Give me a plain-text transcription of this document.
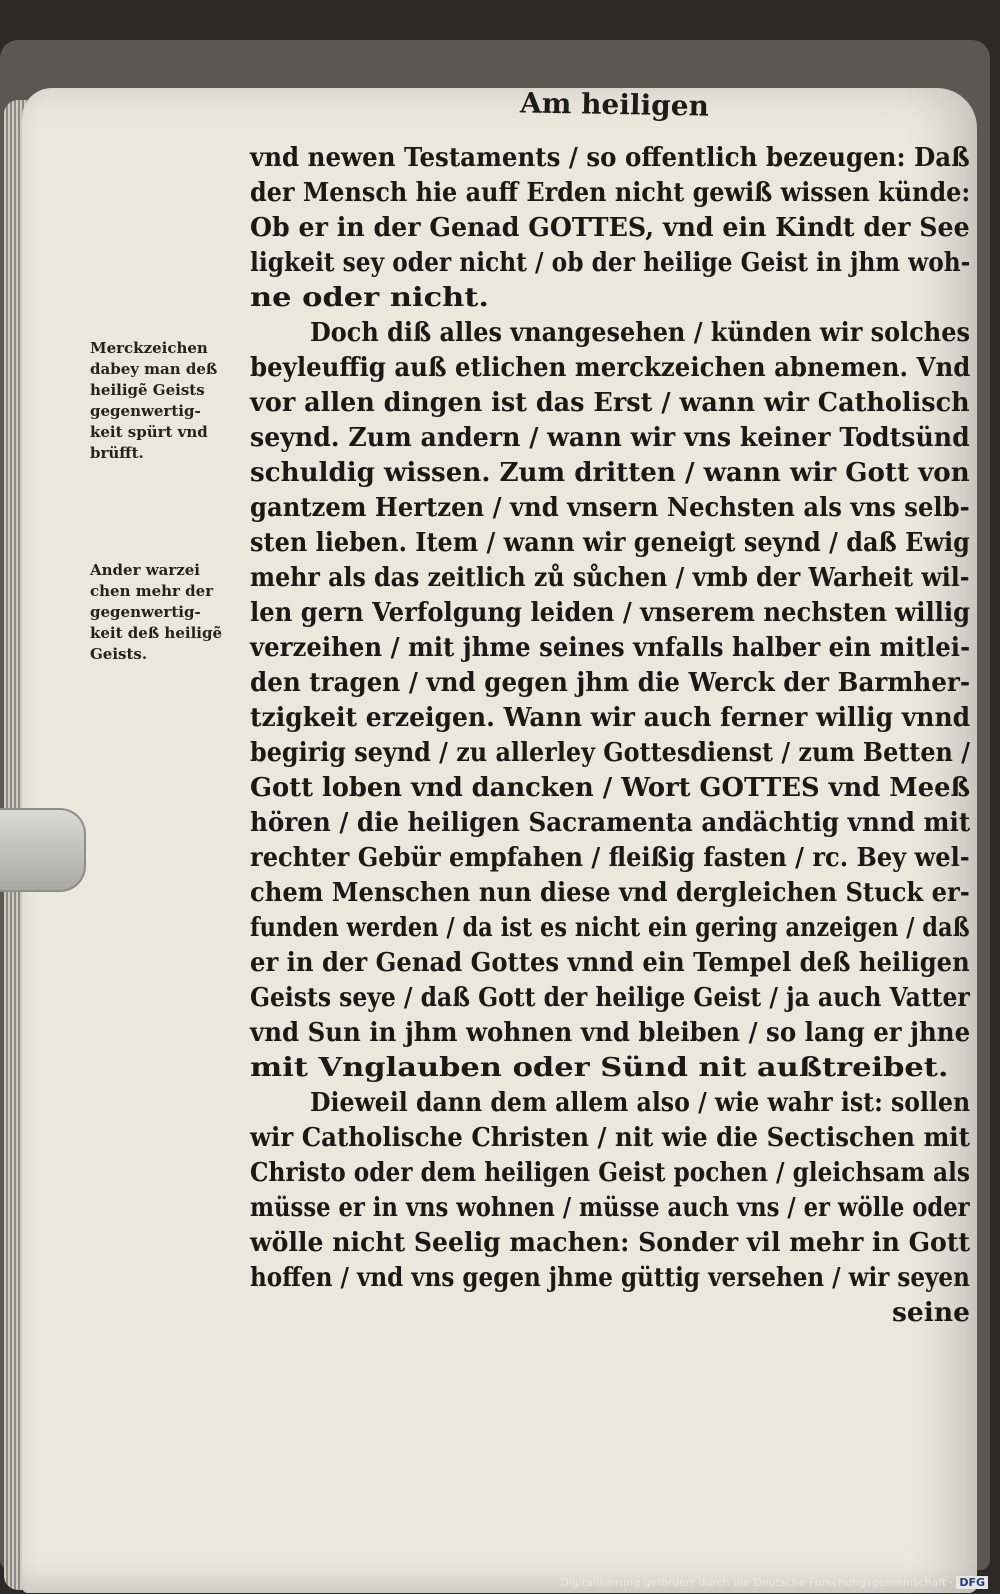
Am heiligen
Merckzeichen
dabey man deß
heiligẽ Geists
gegenwertig-
keit spürt vnd
brüfft.
Ander warzei
chen mehr der
gegenwertig-
keit deß heiligẽ
Geists.
vnd newen Testaments / so offentlich bezeugen: Daß
der Mensch hie auff Erden nicht gewiß wissen künde:
Ob er in der Genad GOTTES, vnd ein Kindt der See
ligkeit sey oder nicht / ob der heilige Geist in jhm woh-
ne oder nicht.
Doch diß alles vnangesehen / künden wir solches
beyleuffig auß etlichen merckzeichen abnemen. Vnd
vor allen dingen ist das Erst / wann wir Catholisch
seynd. Zum andern / wann wir vns keiner Todtsünd
schuldig wissen. Zum dritten / wann wir Gott von
gantzem Hertzen / vnd vnsern Nechsten als vns selb-
sten lieben. Item / wann wir geneigt seynd / daß Ewig
mehr als das zeitlich zů sůchen / vmb der Warheit wil-
len gern Verfolgung leiden / vnserem nechsten willig
verzeihen / mit jhme seines vnfalls halber ein mitlei-
den tragen / vnd gegen jhm die Werck der Barmher-
tzigkeit erzeigen. Wann wir auch ferner willig vnnd
begirig seynd / zu allerley Gottesdienst / zum Betten /
Gott loben vnd dancken / Wort GOTTES vnd Meeß
hören / die heiligen Sacramenta andächtig vnnd mit
rechter Gebür empfahen / fleißig fasten / rc. Bey wel-
chem Menschen nun diese vnd dergleichen Stuck er-
funden werden / da ist es nicht ein gering anzeigen / daß
er in der Genad Gottes vnnd ein Tempel deß heiligen
Geists seye / daß Gott der heilige Geist / ja auch Vatter
vnd Sun in jhm wohnen vnd bleiben / so lang er jhne
mit Vnglauben oder Sünd nit außtreibet.
Dieweil dann dem allem also / wie wahr ist: sollen
wir Catholische Christen / nit wie die Sectischen mit
Christo oder dem heiligen Geist pochen / gleichsam als
müsse er in vns wohnen / müsse auch vns / er wölle oder
wölle nicht Seelig machen: Sonder vil mehr in Gott
hoffen / vnd vns gegen jhme güttig versehen / wir seyen
seine
Digitalisierung gefördert durch die Deutsche Forschungsgemeinschaft · DFG
